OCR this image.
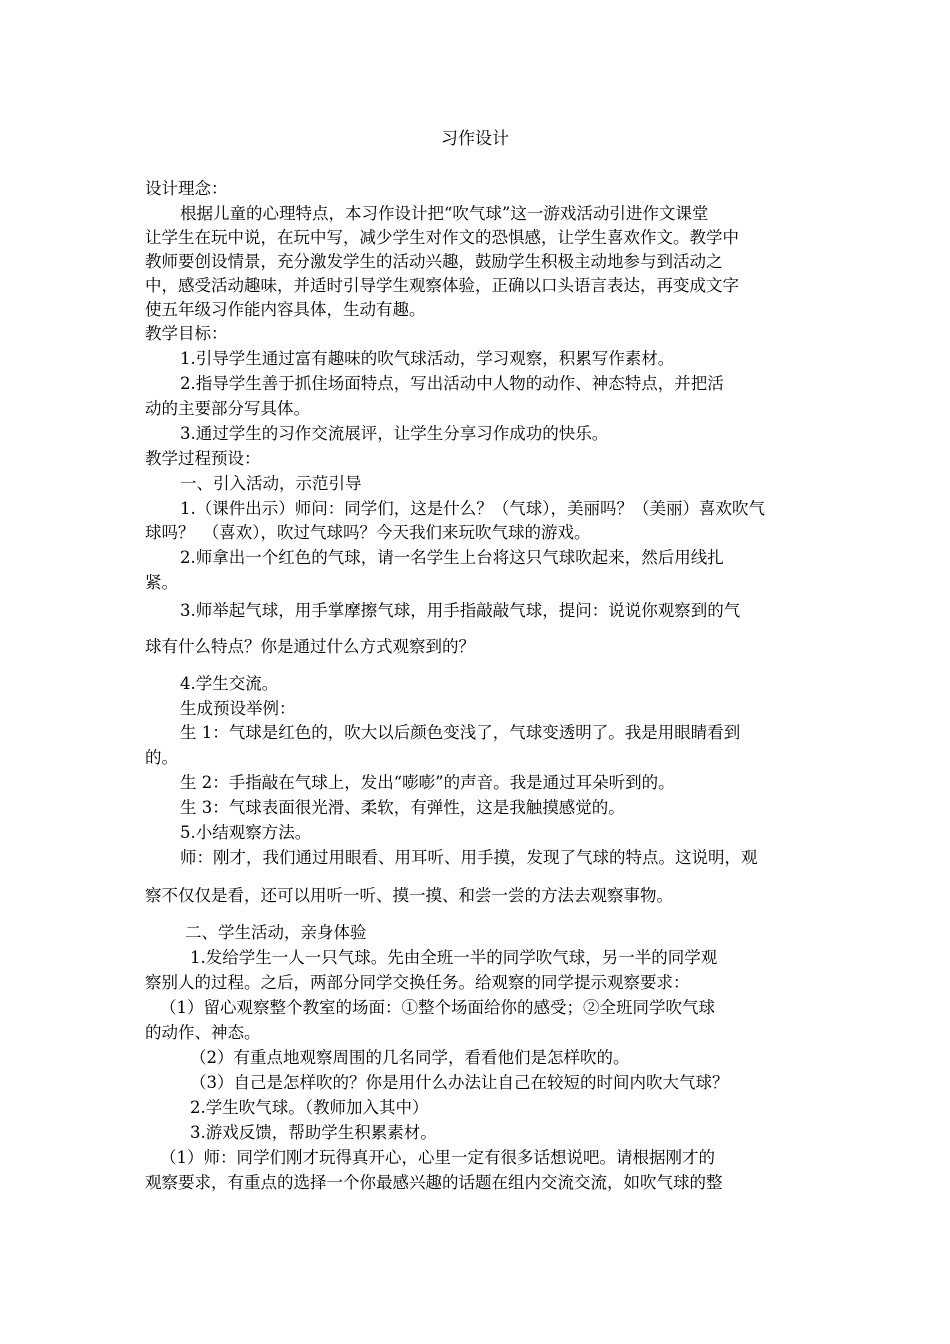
习作设计
设计理念：
根据儿童的心理特点，本习作设计把“吹气球”这一游戏活动引进作文课堂
让学生在玩中说，在玩中写，减少学生对作文的恐惧感，让学生喜欢作文。教学中
教师要创设情景，充分激发学生的活动兴趣，鼓励学生积极主动地参与到活动之
中，感受活动趣味，并适时引导学生观察体验，正确以口头语言表达，再变成文字
使五年级习作能内容具体，生动有趣。
教学目标：
1.引导学生通过富有趣味的吹气球活动，学习观察，积累写作素材。
2.指导学生善于抓住场面特点，写出活动中人物的动作、神态特点，并把活
动的主要部分写具体。
3.通过学生的习作交流展评，让学生分享习作成功的快乐。
教学过程预设：
一、引入活动，示范引导
1.（课件出示）师问：同学们，这是什么？（气球），美丽吗？（美丽）喜欢吹气
球吗？　（喜欢），吹过气球吗？今天我们来玩吹气球的游戏。
2.师拿出一个红色的气球，请一名学生上台将这只气球吹起来，然后用线扎
紧。
3.师举起气球，用手掌摩擦气球，用手指敲敲气球，提问：说说你观察到的气
球有什么特点？你是通过什么方式观察到的？
4.学生交流。
生成预设举例：
生 1：气球是红色的，吹大以后颜色变浅了，气球变透明了。我是用眼睛看到
的。
生 2：手指敲在气球上，发出“嘭嘭”的声音。我是通过耳朵听到的。
生 3：气球表面很光滑、柔软，有弹性，这是我触摸感觉的。
5.小结观察方法。
师：刚才，我们通过用眼看、用耳听、用手摸，发现了气球的特点。这说明，观
察不仅仅是看，还可以用听一听、摸一摸、和尝一尝的方法去观察事物。
二、学生活动，亲身体验
1.发给学生一人一只气球。先由全班一半的同学吹气球，另一半的同学观
察别人的过程。之后，两部分同学交换任务。给观察的同学提示观察要求：
（1）留心观察整个教室的场面：①整个场面给你的感受；②全班同学吹气球
的动作、神态。
（2）有重点地观察周围的几名同学，看看他们是怎样吹的。
（3）自己是怎样吹的？你是用什么办法让自己在较短的时间内吹大气球？
2.学生吹气球。（教师加入其中）
3.游戏反馈，帮助学生积累素材。
（1）师：同学们刚才玩得真开心，心里一定有很多话想说吧。请根据刚才的
观察要求，有重点的选择一个你最感兴趣的话题在组内交流交流，如吹气球的整
